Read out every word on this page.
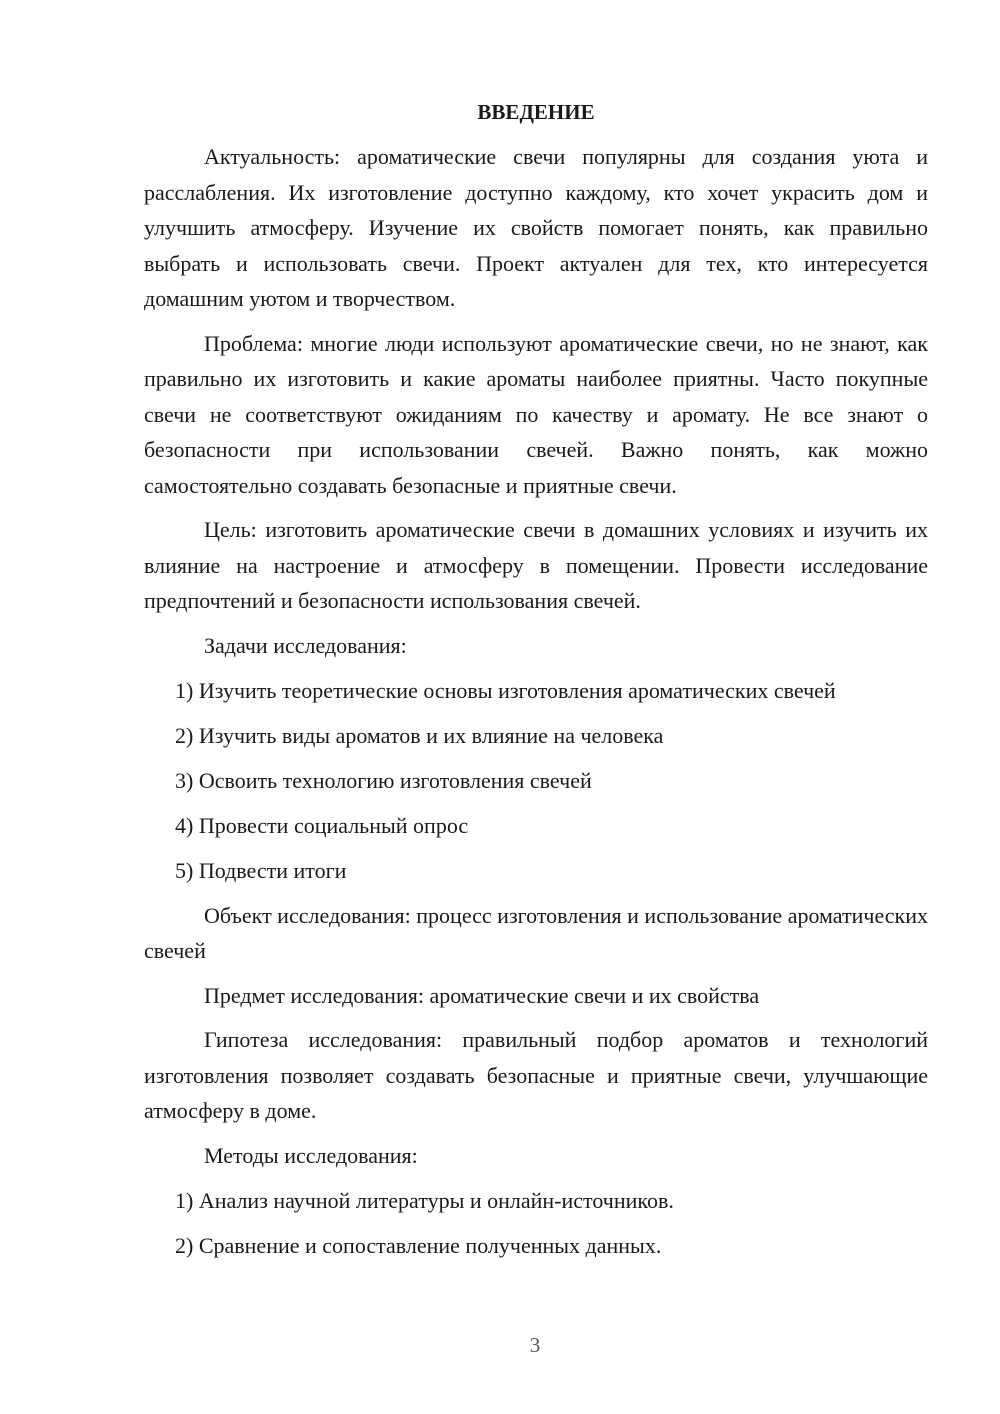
ВВЕДЕНИЕ

Актуальность: ароматические свечи популярны для создания уюта и расслабления. Их изготовление доступно каждому, кто хочет украсить дом и улучшить атмосферу. Изучение их свойств помогает понять, как правильно выбрать и использовать свечи. Проект актуален для тех, кто интересуется домашним уютом и творчеством.

Проблема: многие люди используют ароматические свечи, но не знают, как правильно их изготовить и какие ароматы наиболее приятны. Часто покупные свечи не соответствуют ожиданиям по качеству и аромату. Не все знают о безопасности при использовании свечей. Важно понять, как можно самостоятельно создавать безопасные и приятные свечи.

Цель: изготовить ароматические свечи в домашних условиях и изучить их влияние на настроение и атмосферу в помещении. Провести исследование предпочтений и безопасности использования свечей.

Задачи исследования:
1) Изучить теоретические основы изготовления ароматических свечей
2) Изучить виды ароматов и их влияние на человека
3) Освоить технологию изготовления свечей
4) Провести социальный опрос
5) Подвести итоги

Объект исследования: процесс изготовления и использование ароматических свечей

Предмет исследования: ароматические свечи и их свойства

Гипотеза исследования: правильный подбор ароматов и технологий изготовления позволяет создавать безопасные и приятные свечи, улучшающие атмосферу в доме.

Методы исследования:
1) Анализ научной литературы и онлайн-источников.
2) Сравнение и сопоставление полученных данных.
3
